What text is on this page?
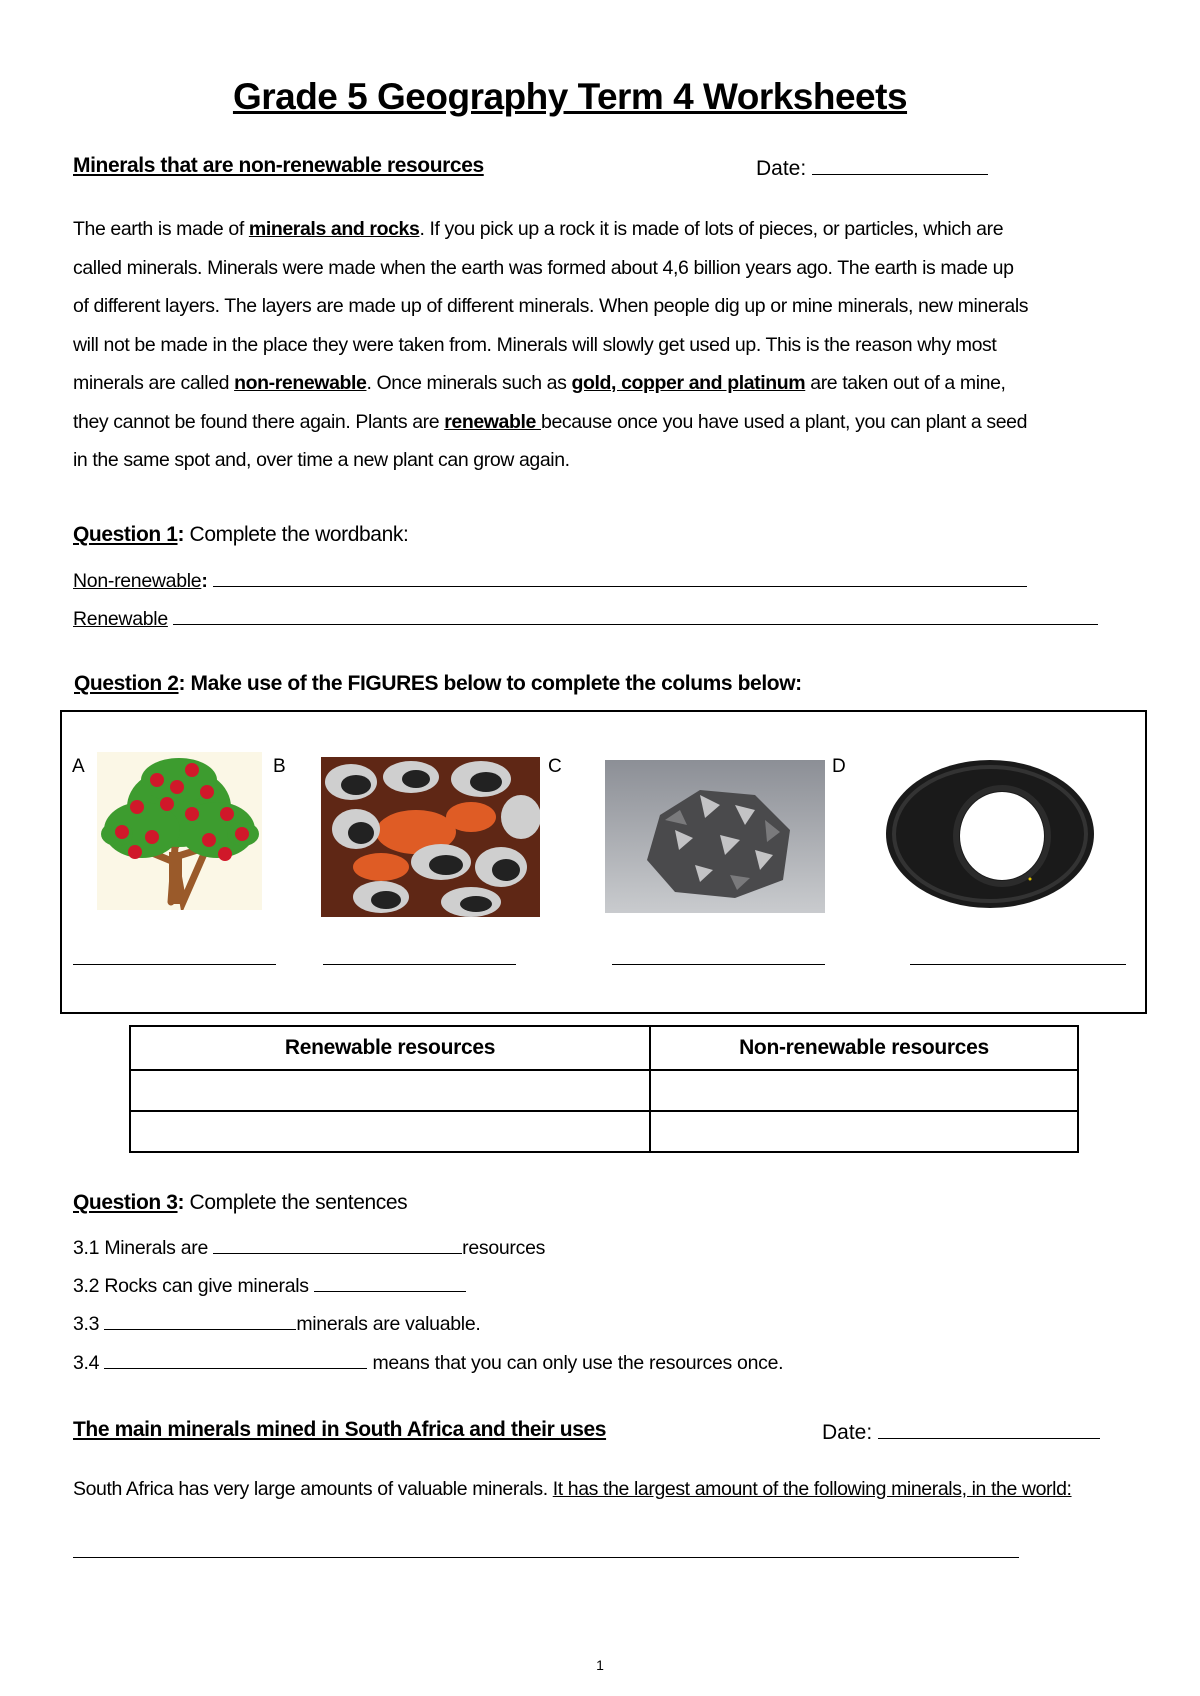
Grade 5 Geography Term 4 Worksheets
Minerals that are non-renewable resources	Date:
The earth is made of minerals and rocks. If you pick up a rock it is made of lots of pieces, or particles, which are called minerals. Minerals were made when the earth was formed about 4,6 billion years ago. The earth is made up of different layers. The layers are made up of different minerals. When people dig up or mine minerals, new minerals will not be made in the place they were taken from. Minerals will slowly get used up. This is the reason why most minerals are called non-renewable. Once minerals such as gold, copper and platinum are taken out of a mine, they cannot be found there again. Plants are renewable because once you have used a plant, you can plant a seed in the same spot and, over time a new plant can grow again.
Question 1: Complete the wordbank:
Non-renewable:
Renewable
Question 2: Make use of the FIGURES below to complete the colums below:
A	B	C	D
Renewable resources	Non-renewable resources

Question 3: Complete the sentences
3.1 Minerals are	resources
3.2 Rocks can give minerals
3.3	minerals are valuable.
3.4	means that you can only use the resources once.
The main minerals mined in South Africa and their uses	Date:
South Africa has very large amounts of valuable minerals. It has the largest amount of the following minerals, in the world:
1
